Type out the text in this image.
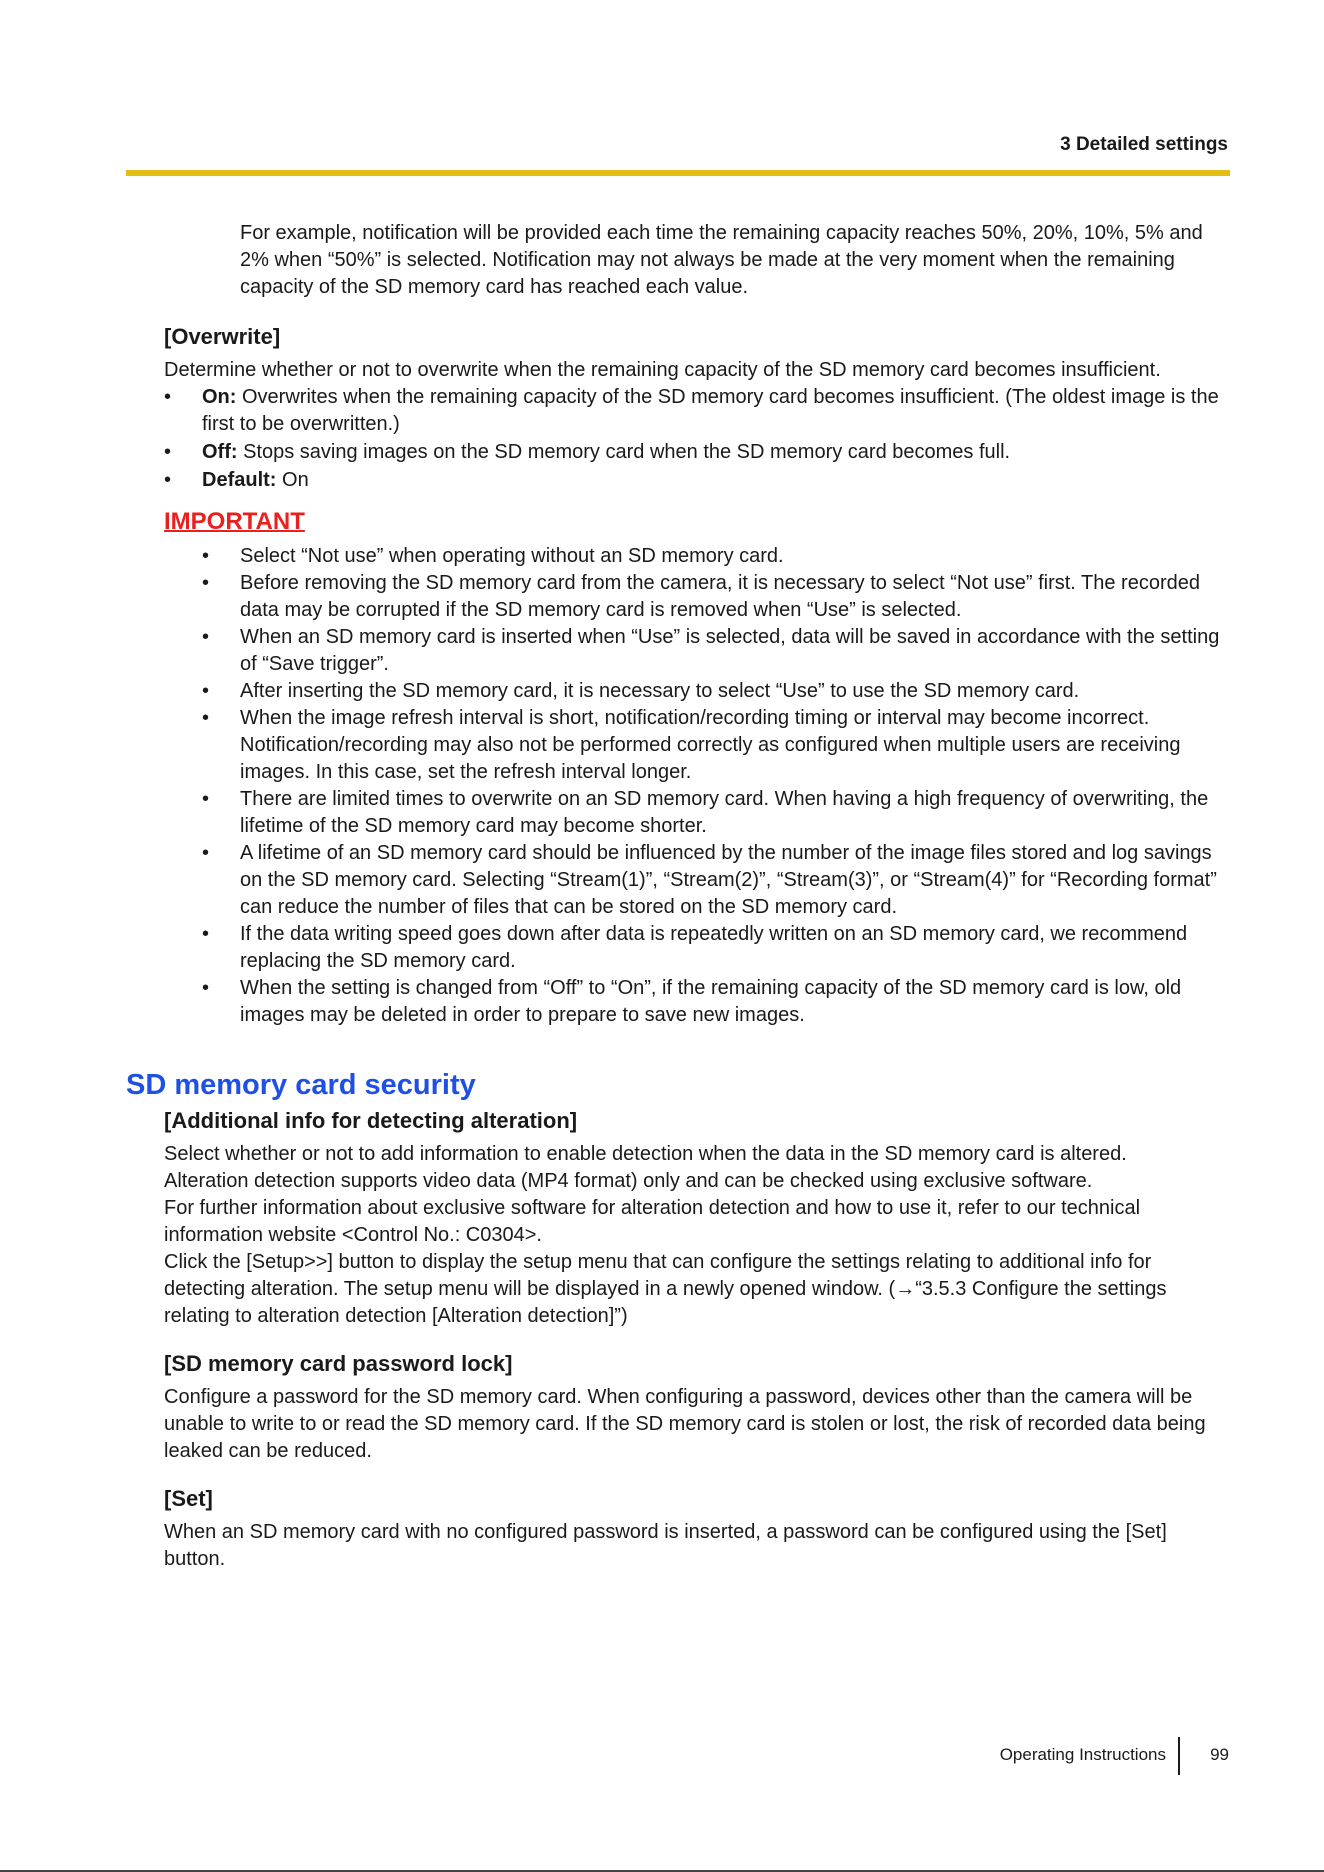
3 Detailed settings

For example, notification will be provided each time the remaining capacity reaches 50%, 20%, 10%, 5% and 2% when “50%” is selected. Notification may not always be made at the very moment when the remaining capacity of the SD memory card has reached each value.

[Overwrite]

Determine whether or not to overwrite when the remaining capacity of the SD memory card becomes insufficient.

• On: Overwrites when the remaining capacity of the SD memory card becomes insufficient. (The oldest image is the first to be overwritten.)
• Off: Stops saving images on the SD memory card when the SD memory card becomes full.
• Default: On
IMPORTANT
• Select “Not use” when operating without an SD memory card.
• Before removing the SD memory card from the camera, it is necessary to select “Not use” first. The recorded data may be corrupted if the SD memory card is removed when “Use” is selected.
• When an SD memory card is inserted when “Use” is selected, data will be saved in accordance with the setting of “Save trigger”.
• After inserting the SD memory card, it is necessary to select “Use” to use the SD memory card.
• When the image refresh interval is short, notification/recording timing or interval may become incorrect. Notification/recording may also not be performed correctly as configured when multiple users are receiving images. In this case, set the refresh interval longer.
• There are limited times to overwrite on an SD memory card. When having a high frequency of overwriting, the lifetime of the SD memory card may become shorter.
• A lifetime of an SD memory card should be influenced by the number of the image files stored and log savings on the SD memory card. Selecting “Stream(1)”, “Stream(2)”, “Stream(3)”, or “Stream(4)” for “Recording format” can reduce the number of files that can be stored on the SD memory card.
• If the data writing speed goes down after data is repeatedly written on an SD memory card, we recommend replacing the SD memory card.
• When the setting is changed from “Off” to “On”, if the remaining capacity of the SD memory card is low, old images may be deleted in order to prepare to save new images.
SD memory card security
[Additional info for detecting alteration]

Select whether or not to add information to enable detection when the data in the SD memory card is altered.

Alteration detection supports video data (MP4 format) only and can be checked using exclusive software.

For further information about exclusive software for alteration detection and how to use it, refer to our technical information website <Control No.: C0304>.

Click the [Setup>>] button to display the setup menu that can configure the settings relating to additional info for detecting alteration. The setup menu will be displayed in a newly opened window. (→“3.5.3 Configure the settings relating to alteration detection [Alteration detection]”)

[SD memory card password lock]

Configure a password for the SD memory card. When configuring a password, devices other than the camera will be unable to write to or read the SD memory card. If the SD memory card is stolen or lost, the risk of recorded data being leaked can be reduced.

[Set]

When an SD memory card with no configured password is inserted, a password can be configured using the [Set] button.

Operating Instructions	99
